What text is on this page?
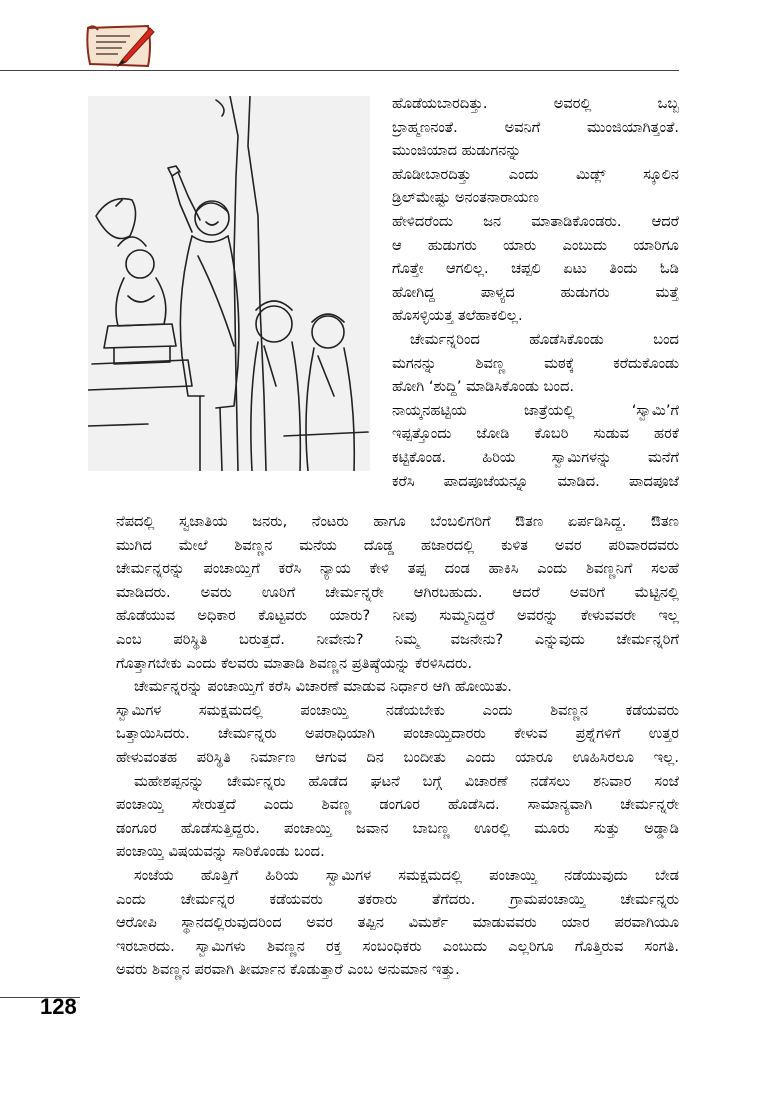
ಹೊಡೆಯಬಾರದಿತ್ತು. ಅವರಲ್ಲಿ ಒಬ್ಬ
ಬ್ರಾಹ್ಮಣನಂತೆ. ಅವನಿಗೆ ಮುಂಜಿಯಾಗಿತ್ತಂತೆ.
ಮುಂಜಿಯಾದ ಹುಡುಗನನ್ನು
ಹೊಡೀಬಾರದಿತ್ತು ಎಂದು ಮಿಡ್ಲ್ ಸ್ಕೂಲಿನ
ಡ್ರಿಲ್‌ಮೇಷ್ಟು ಅನಂತನಾರಾಯಣ
ಹೇಳಿದರೆಂದು ಜನ ಮಾತಾಡಿಕೊಂಡರು. ಆದರೆ
ಆ ಹುಡುಗರು ಯಾರು ಎಂಬುದು ಯಾರಿಗೂ
ಗೊತ್ತೇ ಆಗಲಿಲ್ಲ. ಚಪ್ಪಲಿ ಏಟು ತಿಂದು ಓಡಿ
ಹೋಗಿದ್ದ ಪಾಳ್ಯದ ಹುಡುಗರು ಮತ್ತೆ
ಹೊಸಳ್ಳಿಯತ್ತ ತಲೆಹಾಕಲಿಲ್ಲ.
ಚೇರ್ಮನ್ನರಿಂದ ಹೊಡೆಸಿಕೊಂಡು ಬಂದ
ಮಗನನ್ನು ಶಿವಣ್ಣ ಮಠಕ್ಕೆ ಕರೆದುಕೊಂಡು
ಹೋಗಿ ‘ಶುದ್ದಿ’ ಮಾಡಿಸಿಕೊಂಡು ಬಂದ.
ನಾಯ್ಕನಹಟ್ಟಿಯ ಜಾತ್ರೆಯಲ್ಲಿ ‘ಸ್ವಾಮಿ’ಗೆ
ಇಪ್ಪತ್ತೊಂದು ಜೋಡಿ ಕೊಬರಿ ಸುಡುವ ಹರಕೆ
ಕಟ್ಟಿಕೊಂಡ. ಹಿರಿಯ ಸ್ವಾಮಿಗಳನ್ನು ಮನೆಗೆ
ಕರೆಸಿ ಪಾದಪೂಜೆಯನ್ನೂ ಮಾಡಿದ. ಪಾದಪೂಜೆ
ನೆಪದಲ್ಲಿ ಸ್ವಜಾತಿಯ ಜನರು, ನೆಂಟರು ಹಾಗೂ ಬೆಂಬಲಿಗರಿಗೆ ಔತಣ ಏರ್ಪಡಿಸಿದ್ದ. ಔತಣ
ಮುಗಿದ ಮೇಲೆ ಶಿವಣ್ಣನ ಮನೆಯ ದೊಡ್ಡ ಹಜಾರದಲ್ಲಿ ಕುಳಿತ ಅವರ ಪರಿವಾರದವರು
ಚೇರ್ಮನ್ನರನ್ನು ಪಂಚಾಯ್ತಿಗೆ ಕರೆಸಿ ನ್ಯಾಯ ಕೇಳಿ ತಪ್ಪ ದಂಡ ಹಾಕಿಸಿ ಎಂದು ಶಿವಣ್ಣನಿಗೆ ಸಲಹೆ
ಮಾಡಿದರು. ಅವರು ಊರಿಗೆ ಚೇರ್ಮನ್ನರೇ ಆಗಿರಬಹುದು. ಆದರೆ ಅವರಿಗೆ ಮೆಟ್ಟಿನಲ್ಲಿ
ಹೊಡೆಯುವ ಅಧಿಕಾರ ಕೊಟ್ಟವರು ಯಾರು? ನೀವು ಸುಮ್ಮನಿದ್ದರೆ ಅವರನ್ನು ಕೇಳುವವರೇ ಇಲ್ಲ
ಎಂಬ ಪರಿಸ್ಥಿತಿ ಬರುತ್ತದೆ. ನೀವೇನು? ನಿಮ್ಮ ವಜನೇನು? ಎನ್ನುವುದು ಚೇರ್ಮನ್ನರಿಗೆ
ಗೊತ್ತಾಗಬೇಕು ಎಂದು ಕೆಲವರು ಮಾತಾಡಿ ಶಿವಣ್ಣನ ಪ್ರತಿಷ್ಠೆಯನ್ನು ಕೆರಳಿಸಿದರು.
ಚೇರ್ಮನ್ನರನ್ನು ಪಂಚಾಯ್ತಿಗೆ ಕರೆಸಿ ವಿಚಾರಣೆ ಮಾಡುವ ನಿರ್ಧಾರ ಆಗಿ ಹೋಯಿತು.
ಸ್ವಾಮಿಗಳ ಸಮಕ್ಷಮದಲ್ಲಿ ಪಂಚಾಯ್ತಿ ನಡೆಯಬೇಕು ಎಂದು ಶಿವಣ್ಣನ ಕಡೆಯವರು
ಒತ್ತಾಯಿಸಿದರು. ಚೇರ್ಮನ್ನರು ಅಪರಾಧಿಯಾಗಿ ಪಂಚಾಯ್ತಿದಾರರು ಕೇಳುವ ಪ್ರಶ್ನೆಗಳಿಗೆ ಉತ್ತರ
ಹೇಳುವಂತಹ ಪರಿಸ್ಥಿತಿ ನಿರ್ಮಾಣ ಆಗುವ ದಿನ ಬಂದೀತು ಎಂದು ಯಾರೂ ಊಹಿಸಿರಲೂ ಇಲ್ಲ.
ಮಹೇಶಪ್ಪನನ್ನು ಚೇರ್ಮನ್ನರು ಹೊಡೆದ ಘಟನೆ ಬಗ್ಗೆ ವಿಚಾರಣೆ ನಡೆಸಲು ಶನಿವಾರ ಸಂಜೆ
ಪಂಚಾಯ್ತಿ ಸೇರುತ್ತದೆ ಎಂದು ಶಿವಣ್ಣ ಡಂಗೂರ ಹೊಡೆಸಿದ. ಸಾಮಾನ್ಯವಾಗಿ ಚೇರ್ಮನ್ನರೇ
ಡಂಗೂರ ಹೊಡೆಸುತ್ತಿದ್ದರು. ಪಂಚಾಯ್ತಿ ಜವಾನ ಬಾಬಣ್ಣ ಊರಲ್ಲಿ ಮೂರು ಸುತ್ತು ಅಡ್ಡಾಡಿ
ಪಂಚಾಯ್ತಿ ವಿಷಯವನ್ನು ಸಾರಿಕೊಂಡು ಬಂದ.
ಸಂಜೆಯ ಹೊತ್ತಿಗೆ ಹಿರಿಯ ಸ್ವಾಮಿಗಳ ಸಮಕ್ಷಮದಲ್ಲಿ ಪಂಚಾಯ್ತಿ ನಡೆಯುವುದು ಬೇಡ
ಎಂದು ಚೇರ್ಮನ್ನರ ಕಡೆಯವರು ತಕರಾರು ತೆಗೆದರು. ಗ್ರಾಮಪಂಚಾಯ್ತಿ ಚೇರ್ಮನ್ನರು
ಆರೋಪಿ ಸ್ಥಾನದಲ್ಲಿರುವುದರಿಂದ ಅವರ ತಪ್ಪಿನ ವಿಮರ್ಶೆ ಮಾಡುವವರು ಯಾರ ಪರವಾಗಿಯೂ
ಇರಬಾರದು. ಸ್ವಾಮಿಗಳು ಶಿವಣ್ಣನ ರಕ್ತ ಸಂಬಂಧಿಕರು ಎಂಬುದು ಎಲ್ಲರಿಗೂ ಗೊತ್ತಿರುವ ಸಂಗತಿ.
ಅವರು ಶಿವಣ್ಣನ ಪರವಾಗಿ ತೀರ್ಮಾನ ಕೊಡುತ್ತಾರೆ ಎಂಬ ಅನುಮಾನ ಇತ್ತು.
128
